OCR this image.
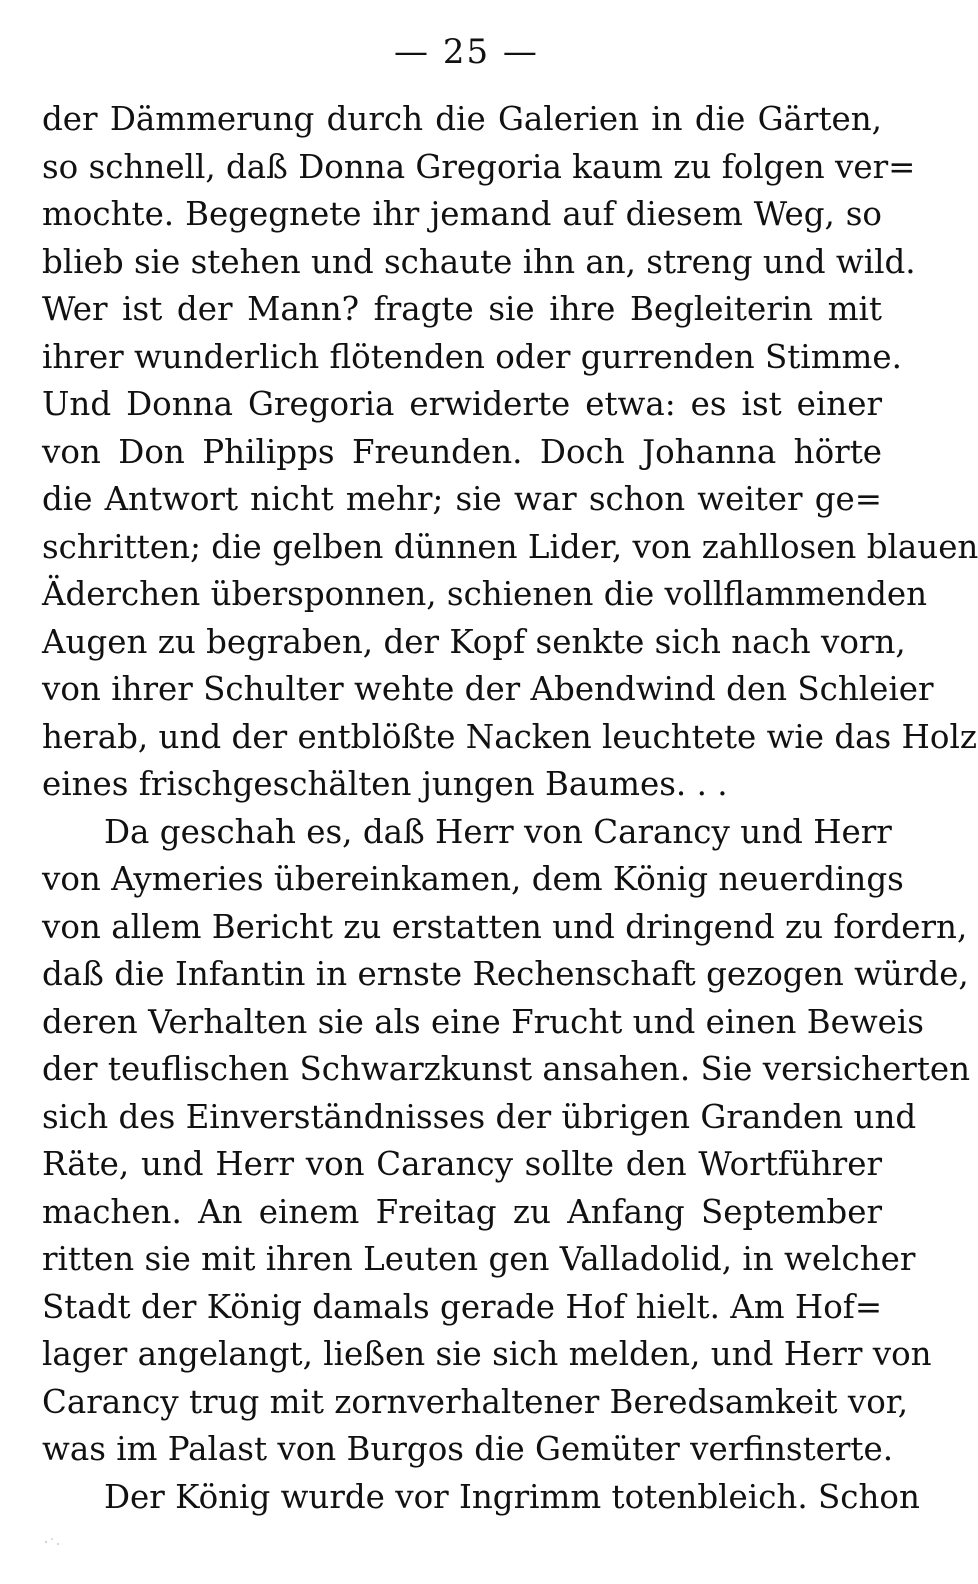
— 25 —
der Dämmerung durch die Galerien in die Gärten,
so schnell, daß Donna Gregoria kaum zu folgen ver=
mochte. Begegnete ihr jemand auf diesem Weg, so
blieb sie stehen und schaute ihn an, streng und wild.
Wer ist der Mann? fragte sie ihre Begleiterin mit
ihrer wunderlich flötenden oder gurrenden Stimme.
Und Donna Gregoria erwiderte etwa: es ist einer
von Don Philipps Freunden. Doch Johanna hörte
die Antwort nicht mehr; sie war schon weiter ge=
schritten; die gelben dünnen Lider, von zahllosen blauen
Äderchen übersponnen, schienen die vollflammenden
Augen zu begraben, der Kopf senkte sich nach vorn,
von ihrer Schulter wehte der Abendwind den Schleier
herab, und der entblößte Nacken leuchtete wie das Holz
eines frischgeschälten jungen Baumes. . .
Da geschah es, daß Herr von Carancy und Herr
von Aymeries übereinkamen, dem König neuerdings
von allem Bericht zu erstatten und dringend zu fordern,
daß die Infantin in ernste Rechenschaft gezogen würde,
deren Verhalten sie als eine Frucht und einen Beweis
der teuflischen Schwarzkunst ansahen. Sie versicherten
sich des Einverständnisses der übrigen Granden und
Räte, und Herr von Carancy sollte den Wortführer
machen. An einem Freitag zu Anfang September
ritten sie mit ihren Leuten gen Valladolid, in welcher
Stadt der König damals gerade Hof hielt. Am Hof=
lager angelangt, ließen sie sich melden, und Herr von
Carancy trug mit zornverhaltener Beredsamkeit vor,
was im Palast von Burgos die Gemüter verfinsterte.
Der König wurde vor Ingrimm totenbleich. Schon
